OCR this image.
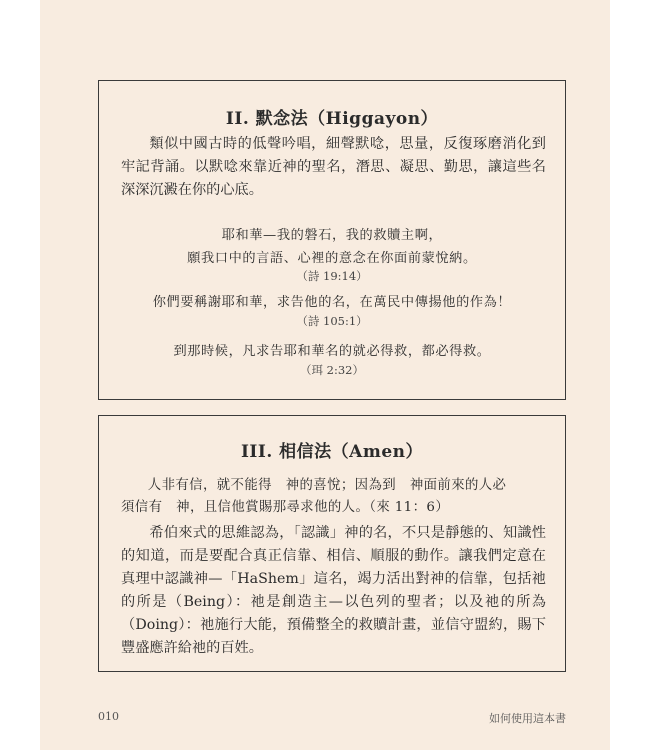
II. 默念法（Higgayon）

類似中國古時的低聲吟唱，細聲默唸，思量，反復琢磨消化到牢記背誦。以默唸來靠近神的聖名，潛思、凝思、勤思，讓這些名深深沉澱在你的心底。

耶和華—我的磐石，我的救贖主啊，

願我口中的言語、心裡的意念在你面前蒙悅納。

（詩 19:14）

你們要稱謝耶和華，求告他的名，在萬民中傳揚他的作為！

（詩 105:1）

到那時候，凡求告耶和華名的就必得救，都必得救。

（珥 2:32）

III. 相信法（Amen）

人非有信，就不能得　神的喜悅；因為到　神面前來的人必

須信有　神，且信他賞賜那尋求他的人。（來 11：6）

希伯來式的思維認為，「認識」神的名，不只是靜態的、知識性的知道，而是要配合真正信靠、相信、順服的動作。讓我們定意在真理中認識神—「HaShem」這名，竭力活出對神的信靠，包括祂的所是（Being）：祂是創造主—以色列的聖者；以及祂的所為（Doing）：祂施行大能，預備整全的救贖計畫，並信守盟約，賜下豐盛應許給祂的百姓。

010	如何使用這本書
